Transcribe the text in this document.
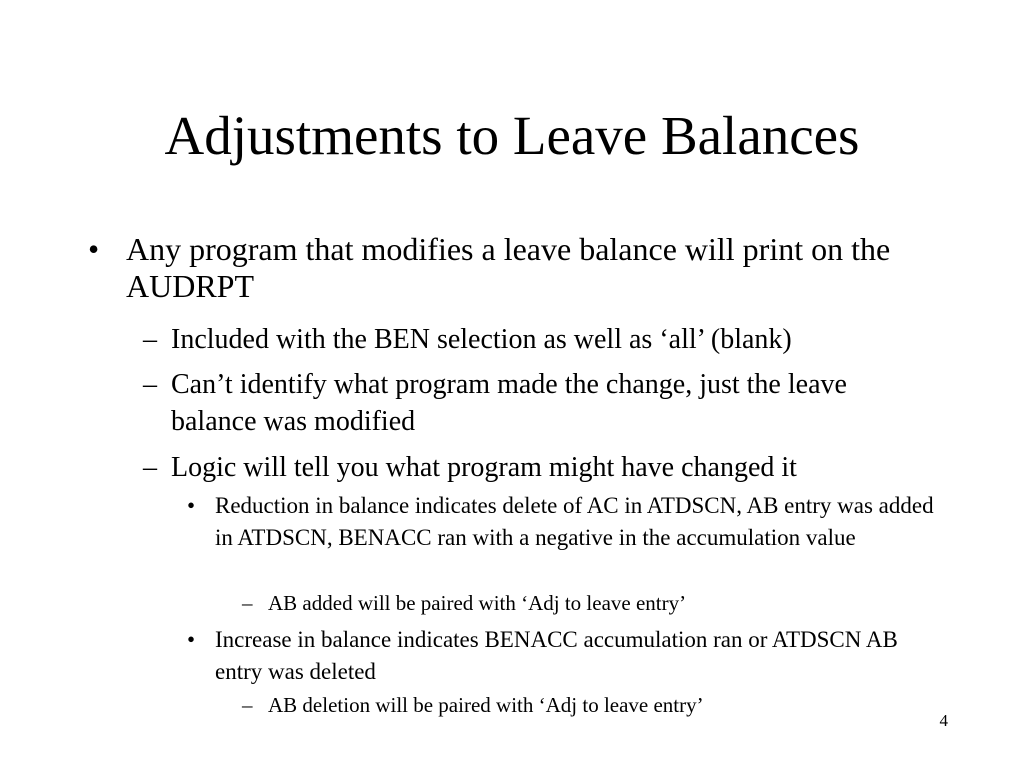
Adjustments to Leave Balances
• Any program that modifies a leave balance will print on the AUDRPT
– Included with the BEN selection as well as ‘all’ (blank)
– Can’t identify what program made the change, just the leave balance was modified
– Logic will tell you what program might have changed it
• Reduction in balance indicates delete of AC in ATDSCN, AB entry was added in ATDSCN, BENACC ran with a negative in the accumulation value
– AB added will be paired with ‘Adj to leave entry’
• Increase in balance indicates BENACC accumulation ran or ATDSCN AB entry was deleted
– AB deletion will be paired with ‘Adj to leave entry’
4
